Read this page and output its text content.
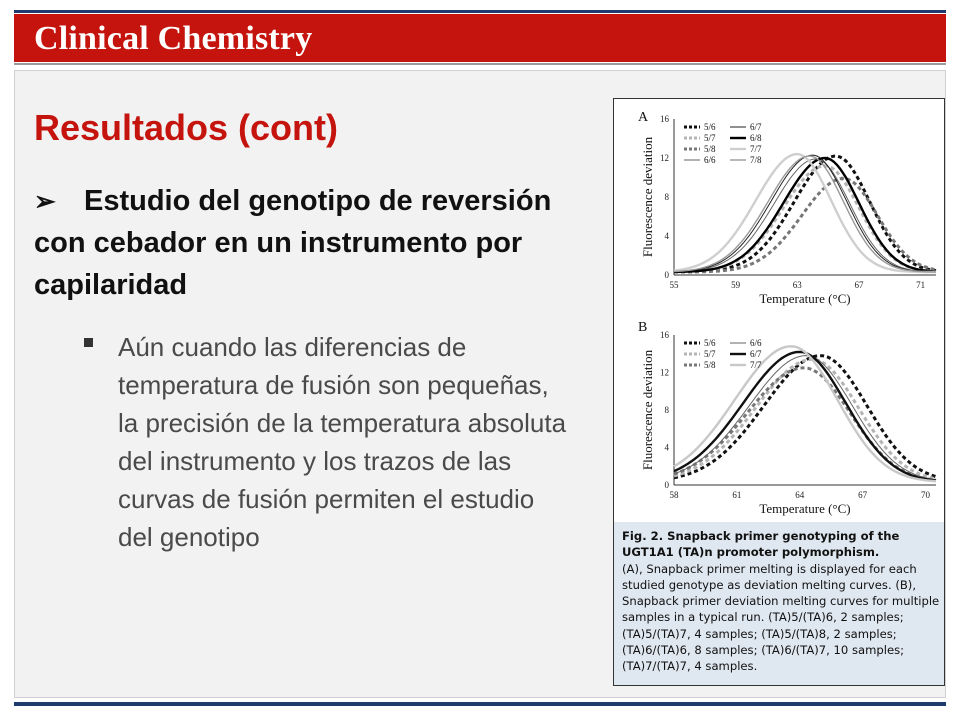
Clinical Chemistry
Resultados (cont)
➢ Estudio del genotipo de reversión con cebador en un instrumento por capilaridad
Aún cuando las diferencias de temperatura de fusión son pequeñas, la precisión de la temperatura absoluta del instrumento y los trazos de las curvas de fusión permiten el estudio del genotipo
A
0
4
8
12
16
55	59	63	67	71
Temperature (°C)
Fluorescence deviation
5/6
5/7
5/8
6/6
6/7
6/8
7/7
7/8
B
0
4
8
12
16
58	61	64	67	70
Temperature (°C)
Fluorescence deviation
5/6
5/7
5/8
6/6
6/7
7/7
Fig. 2. Snapback primer genotyping of the UGT1A1 (TA)n promoter polymorphism.
(A), Snapback primer melting is displayed for each studied genotype as deviation melting curves. (B), Snapback primer deviation melting curves for multiple samples in a typical run. (TA)5/(TA)6, 2 samples; (TA)5/(TA)7, 4 samples; (TA)5/(TA)8, 2 samples; (TA)6/(TA)6, 8 samples; (TA)6/(TA)7, 10 samples; (TA)7/(TA)7, 4 samples.
